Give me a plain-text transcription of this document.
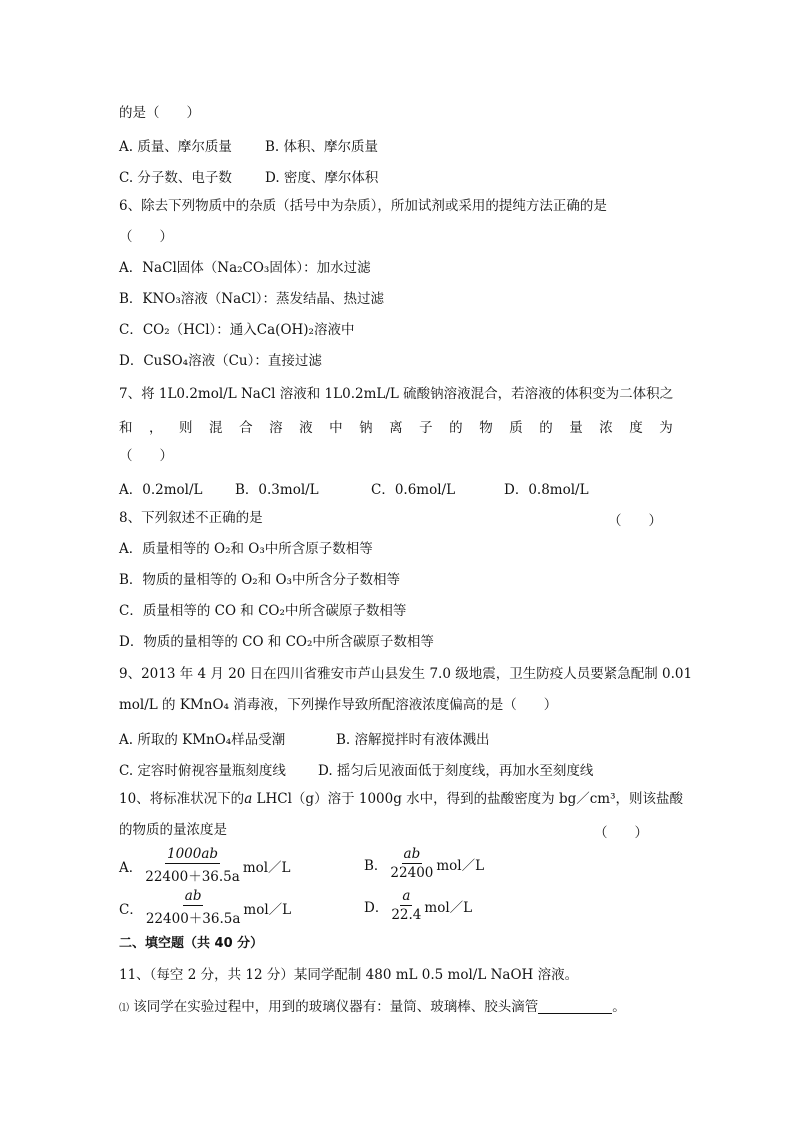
的是（　　）
A. 质量、摩尔质量 B. 体积、摩尔质量
C. 分子数、电子数 D. 密度、摩尔体积
6、除去下列物质中的杂质（括号中为杂质），所加试剂或采用的提纯方法正确的是
（　　）
A．NaCl固体（Na₂CO₃固体）：加水过滤
B．KNO₃溶液（NaCl）：蒸发结晶、热过滤
C．CO₂（HCl）：通入Ca(OH)₂溶液中
D．CuSO₄溶液（Cu）：直接过滤
7、将 1L0.2mol/L NaCl 溶液和 1L0.2mL/L 硫酸钠溶液混合，若溶液的体积变为二体积之
和 ， 则 混 合 溶 液 中 钠 离 子 的 物 质 的 量 浓 度 为
（　　）
A．0.2mol/L B．0.3mol/L	C．0.6mol/L	D．0.8mol/L
8、下列叙述不正确的是	（　　）
A．质量相等的 O₂和 O₃中所含原子数相等
B．物质的量相等的 O₂和 O₃中所含分子数相等
C．质量相等的 CO 和 CO₂中所含碳原子数相等
D．物质的量相等的 CO 和 CO₂中所含碳原子数相等
9、2013 年 4 月 20 日在四川省雅安市芦山县发生 7.0 级地震，卫生防疫人员要紧急配制 0.01
mol/L 的 KMnO₄ 消毒液，下列操作导致所配溶液浓度偏高的是（　　）
A. 所取的 KMnO₄样品受潮	B. 溶解搅拌时有液体溅出
C. 定容时俯视容量瓶刻度线 D. 摇匀后见液面低于刻度线，再加水至刻度线
10、将标准状况下的a LHCl（g）溶于 1000g 水中，得到的盐酸密度为 bg／cm³，则该盐酸
的物质的量浓度是	（　　）
A． $\frac{1000ab}{22400+36.5a}$ mol／L	B． $\frac{ab}{22400}$ mol／L
C． $\frac{ab}{22400+36.5a}$ mol／L	D． $\frac{a}{22.4}$ mol／L
二、填空题（共 40 分）
11、（每空 2 分，共 12 分）某同学配制 480 mL 0.5 mol/L NaOH 溶液。
⑴ 该同学在实验过程中，用到的玻璃仪器有：量筒、玻璃棒、胶头滴管	。
